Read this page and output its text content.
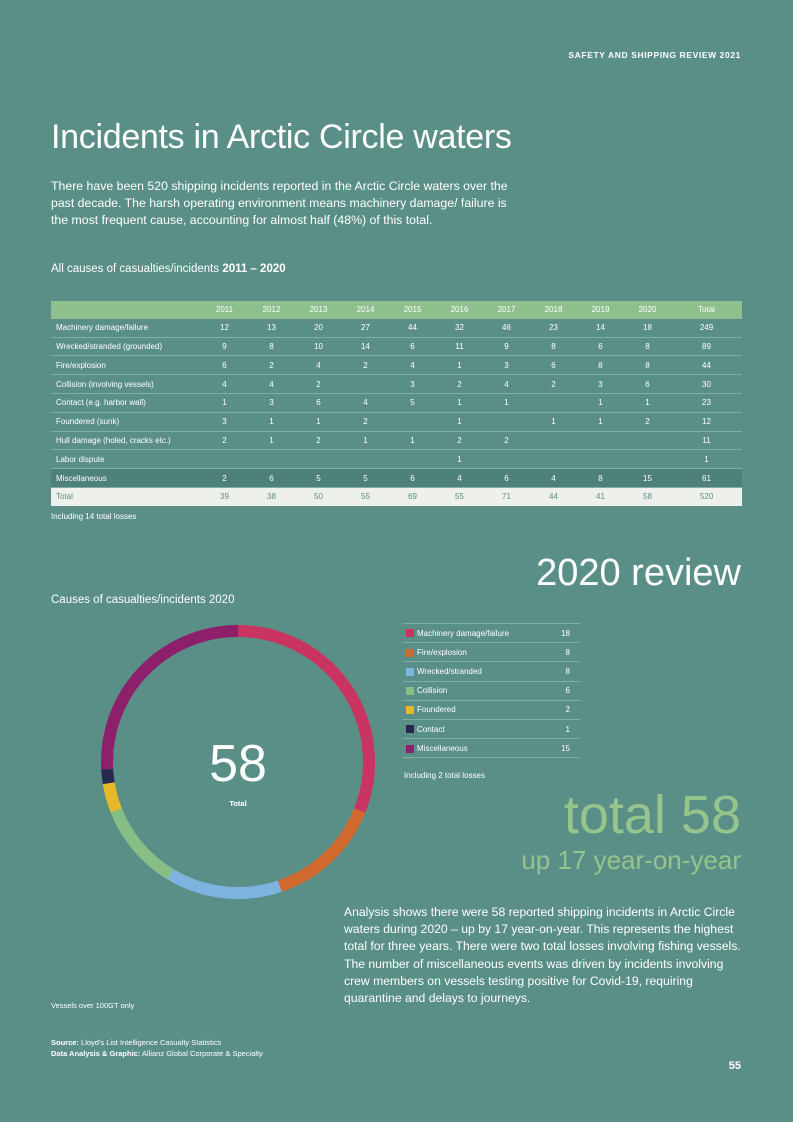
SAFETY AND SHIPPING REVIEW 2021
Incidents in Arctic Circle waters

There have been 520 shipping incidents reported in the Arctic Circle waters over the past decade. The harsh operating environment means machinery damage/ failure is the most frequent cause, accounting for almost half (48%) of this total.

All causes of casualties/incidents 2011 – 2020
	2011	2012	2013	2014	2015	2016	2017	2018	2019	2020	Total
Machinery damage/failure	12	13	20	27	44	32	46	23	14	18	249
Wrecked/stranded (grounded)	9	8	10	14	6	11	9	8	6	8	89
Fire/explosion	6	2	4	2	4	1	3	6	8	8	44
Collision (involving vessels)	4	4	2		3	2	4	2	3	6	30
Contact (e.g. harbor wall)	1	3	6	4	5	1	1		1	1	23
Foundered (sunk)	3	1	1	2		1		1	1	2	12
Hull damage (holed, cracks etc.)	2	1	2	1	1	2	2				11
Labor dispute						1					1
Miscellaneous	2	6	5	5	6	4	6	4	8	15	61
Total	39	38	50	55	69	55	71	44	41	58	520
Including 14 total losses
2020 review
Causes of casualties/incidents 2020
58
Total
	Machinery damage/failure	18
	Fire/explosion	8
	Wrecked/stranded	8
	Collision	6
	Foundered	2
	Contact	1
	Miscellaneous	15
Including 2 total losses
total 58
up 17 year-on-year

Analysis shows there were 58 reported shipping incidents in Arctic Circle waters during 2020 – up by 17 year-on-year. This represents the highest total for three years. There were two total losses involving fishing vessels. The number of miscellaneous events was driven by incidents involving crew members on vessels testing positive for Covid-19, requiring quarantine and delays to journeys.

Vessels over 100GT only
Source: Lloyd's List Intelligence Casualty Statistics
Data Analysis & Graphic: Allianz Global Corporate & Specialty
55
